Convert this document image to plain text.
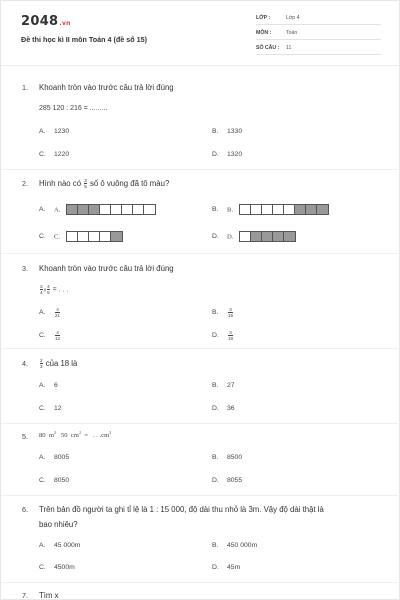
2048.vn
Đề thi học kì II môn Toán 4 (đề số 15)
LỚP :	Lớp 4
MÔN :	Toán
SỐ CÂU : 11
1. Khoanh tròn vào trước câu trả lời đúng
285 120 : 216 = .........
A. 1230	B. 1330
C. 1220	D. 1320
2. Hình nào có $\frac{3}{5}$ số ô vuông đã tô màu?
A. A.	B. B.
C. C.	D. D.
3. Khoanh tròn vào trước câu trả lời đúng
$\frac{3}{4}$ x $\frac{4}{5}$ = . . .
A. $\frac{4}{21}$	B. $\frac{3}{15}$
C. $\frac{4}{12}$	D. $\frac{3}{18}$
4.	$\frac{2}{3}$ của 18 là
A. 6	B. 27
C. 12	D. 36
5. 80 $m^2$ 50 $cm^2$ = . . $.cm^2$
A. 8005	B. 8500
C. 8050	D. 8055
6. Trên bản đồ người ta ghi tỉ lệ là 1 : 15 000, độ dài thu nhỏ là 3m. Vậy độ dài thật là
bao nhiêu?
A. 45 000m	B. 450 000m
C. 4500m	D. 45m
7. Tìm x
